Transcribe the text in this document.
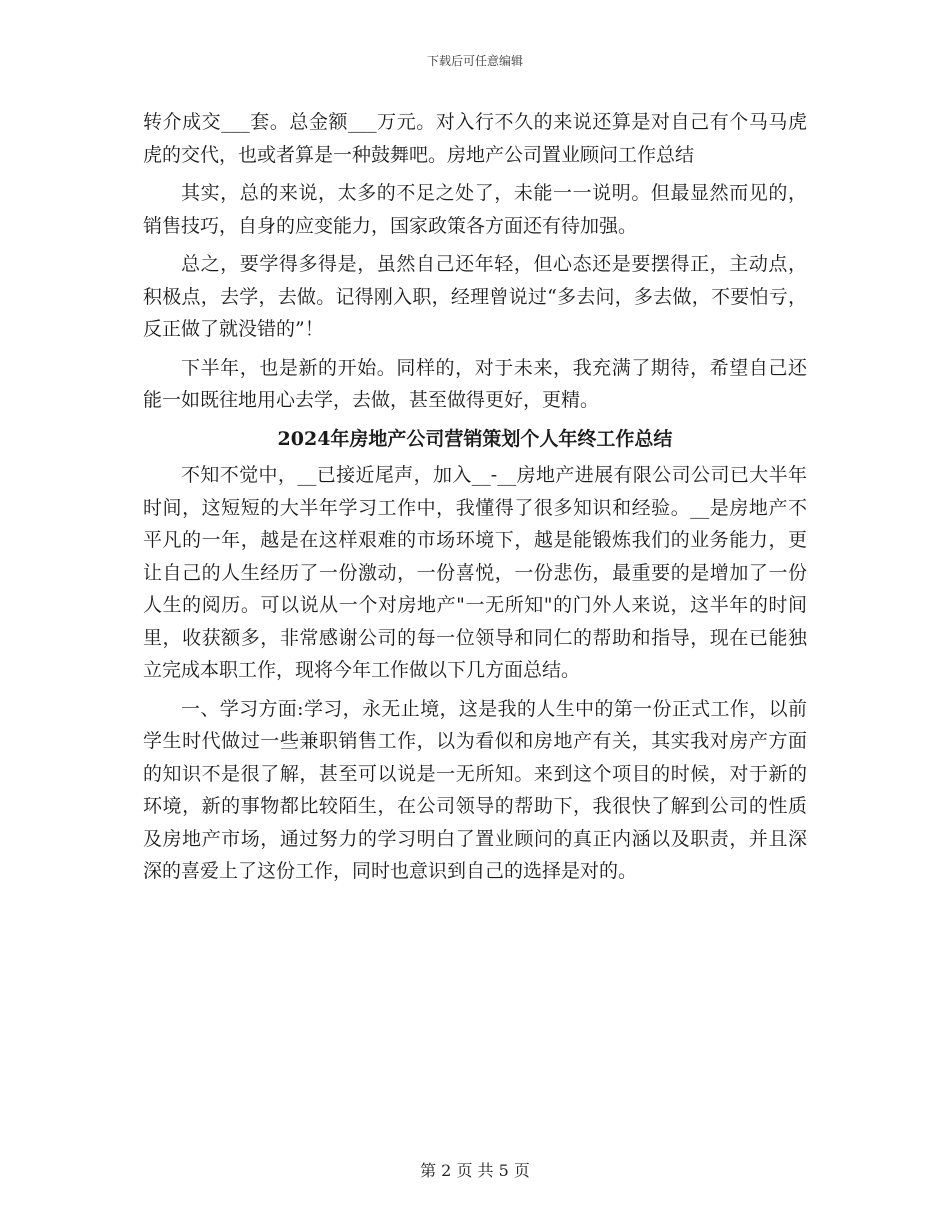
下载后可任意编辑

转介成交___套。总金额___万元。对入行不久的来说还算是对自己有个马马虎虎的交代，也或者算是一种鼓舞吧。房地产公司置业顾问工作总结

其实，总的来说，太多的不足之处了，未能一一说明。但最显然而见的，销售技巧，自身的应变能力，国家政策各方面还有待加强。

总之，要学得多得是，虽然自己还年轻，但心态还是要摆得正，主动点，积极点，去学，去做。记得刚入职，经理曾说过“多去问，多去做，不要怕亏，反正做了就没错的”！

下半年，也是新的开始。同样的，对于未来，我充满了期待，希望自己还能一如既往地用心去学，去做，甚至做得更好，更精。

2024年房地产公司营销策划个人年终工作总结

不知不觉中，__已接近尾声，加入__-__房地产进展有限公司公司已大半年时间，这短短的大半年学习工作中，我懂得了很多知识和经验。__是房地产不平凡的一年，越是在这样艰难的市场环境下，越是能锻炼我们的业务能力，更让自己的人生经历了一份激动，一份喜悦，一份悲伤，最重要的是增加了一份人生的阅历。可以说从一个对房地产"一无所知"的门外人来说，这半年的时间里，收获额多，非常感谢公司的每一位领导和同仁的帮助和指导，现在已能独立完成本职工作，现将今年工作做以下几方面总结。

一、学习方面:学习，永无止境，这是我的人生中的第一份正式工作，以前学生时代做过一些兼职销售工作，以为看似和房地产有关，其实我对房产方面的知识不是很了解，甚至可以说是一无所知。来到这个项目的时候，对于新的环境，新的事物都比较陌生，在公司领导的帮助下，我很快了解到公司的性质及房地产市场，通过努力的学习明白了置业顾问的真正内涵以及职责，并且深深的喜爱上了这份工作，同时也意识到自己的选择是对的。

第 2 页 共 5 页
